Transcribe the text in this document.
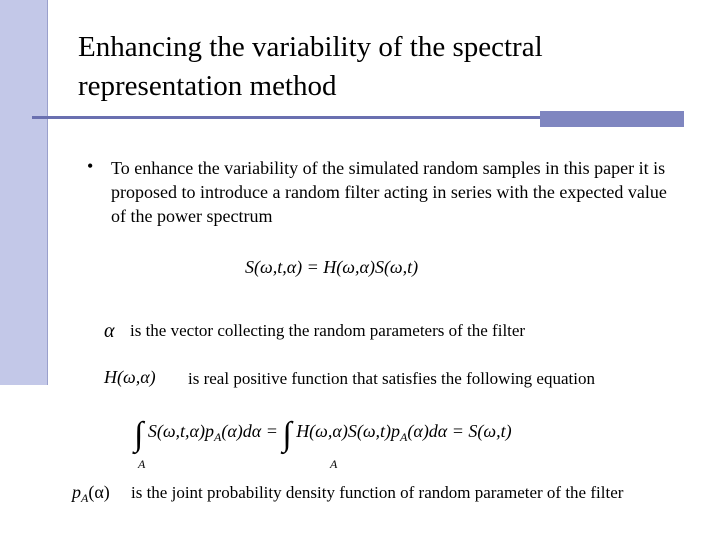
Enhancing the variability of the spectral representation method
• To enhance the variability of the simulated random samples in this paper it is proposed to introduce a random filter acting in series with the expected value of the power spectrum
S(ω,t,α) = H(ω,α)S(ω,t)
α is the vector collecting the random parameters of the filter
H(ω,α) is real positive function that satisfies the following equation
∫ $S(\omega,t,\alpha)p_A(\alpha)d\alpha$ = ∫ $H(\omega,\alpha)S(\omega,t)p_A(\alpha)d\alpha = S(\omega,t)$
A	A
$p_A(\alpha)$ is the joint probability density function of random parameter of the filter
